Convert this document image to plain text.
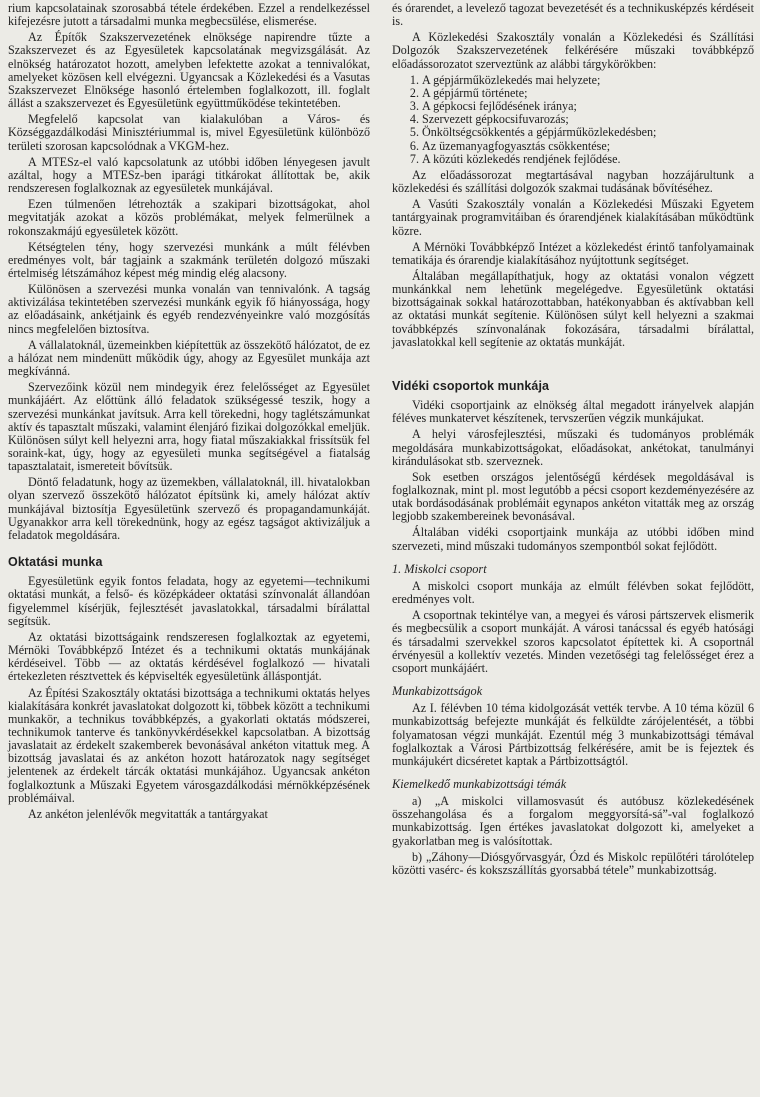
rium kapcsolatainak szorosabbá tétele érdekében. Ezzel a rendelkezéssel kifejezésre jutott a társadalmi munka megbecsülése, elismerése.

Az Építők Szakszervezetének elnöksége napirendre tűzte a Szakszervezet és az Egyesületek kapcsolatának megvizsgálását. Az elnökség határozatot hozott, amelyben lefektette azokat a tennivalókat, amelyeket közösen kell elvégezni. Ugyancsak a Közlekedési és a Vasutas Szakszervezet Elnöksége hasonló értelemben foglalkozott, ill. foglalt állást a szakszervezet és Egyesületünk együttműködése tekintetében.

Megfelelő kapcsolat van kialakulóban a Város- és Községgazdálkodási Minisztériummal is, mivel Egyesületünk különböző területi szorosan kapcsolódnak a VKGM-hez.

A MTESz-el való kapcsolatunk az utóbbi időben lényegesen javult azáltal, hogy a MTESz-ben iparági titkárokat állítottak be, akik rendszeresen foglalkoznak az egyesületek munkájával.

Ezen túlmenően létrehozták a szakipari bizottságokat, ahol megvitatják azokat a közös problémákat, melyek felmerülnek a rokonszakmájú egyesületek között.

Kétségtelen tény, hogy szervezési munkánk a múlt félévben eredményes volt, bár tagjaink a szakmánk területén dolgozó műszaki értelmiség létszámához képest még mindig elég alacsony.

Különösen a szervezési munka vonalán van tennivalónk. A tagság aktivizálása tekintetében szervezési munkánk egyik fő hiányossága, hogy az előadásaink, ankétjaink és egyéb rendezvényeinkre való mozgósítás nincs megfelelően biztosítva.

A vállalatoknál, üzemeinkben kiépítettük az összekötő hálózatot, de ez a hálózat nem mindenütt működik úgy, ahogy az Egyesület munkája azt megkívánná.

Szervezőink közül nem mindegyik érez felelősséget az Egyesület munkájáért. Az előttünk álló feladatok szükségessé teszik, hogy a szervezési munkánkat javítsuk. Arra kell törekedni, hogy taglétszámunkat aktív és tapasztalt műszaki, valamint élenjáró fizikai dolgozókkal emeljük. Különösen súlyt kell helyezni arra, hogy fiatal műszakiakkal frissítsük fel soraink-kat, úgy, hogy az egyesületi munka segítségével a fiatalság tapasztalatait, ismereteit bővítsük.

Döntő feladatunk, hogy az üzemekben, vállalatoknál, ill. hivatalokban olyan szervező összekötő hálózatot építsünk ki, amely hálózat aktív munkájával biztosítja Egyesületünk szervező és propagandamunkáját. Ugyanakkor arra kell törekednünk, hogy az egész tagságot aktivizáljuk a feladatok megoldására.

Oktatási munka

Egyesületünk egyik fontos feladata, hogy az egyetemi—technikumi oktatási munkát, a felső- és középkádeer oktatási színvonalát állandóan figyelemmel kísérjük, fejlesztését javaslatokkal, társadalmi bírálattal segítsük.

Az oktatási bizottságaink rendszeresen foglalkoztak az egyetemi, Mérnöki Továbbképző Intézet és a technikumi oktatás munkájának kérdéseivel. Több — az oktatás kérdésével foglalkozó — hivatali értekezleten résztvettek és képviselték egyesületünk álláspontját.

Az Építési Szakosztály oktatási bizottsága a technikumi oktatás helyes kialakítására konkrét javaslatokat dolgozott ki, többek között a technikumi munkakör, a technikus továbbképzés, a gyakorlati oktatás módszerei, technikumok tanterve és tankönyvkérdésekkel kapcsolatban. A bizottság javaslatait az érdekelt szakemberek bevonásával ankéton vitattuk meg. A bizottság javaslatai és az ankéton hozott határozatok nagy segítséget jelentenek az érdekelt tárcák oktatási munkájához. Ugyancsak ankéton foglalkoztunk a Műszaki Egyetem városgazdálkodási mérnökképzésének problémáival.

Az ankéton jelenlévők megvitatták a tantárgyakat

és órarendet, a levelező tagozat bevezetését és a technikusképzés kérdéseit is.

A Közlekedési Szakosztály vonalán a Közlekedési és Szállítási Dolgozók Szakszervezetének felkérésére műszaki továbbképző előadássorozatot szerveztünk az alábbi tárgykörökben:

1. A gépjárműközlekedés mai helyzete;
2. A gépjármű története;
3. A gépkocsi fejlődésének iránya;
4. Szervezett gépkocsifuvarozás;
5. Önköltségcsökkentés a gépjárműközlekedésben;
6. Az üzemanyagfogyasztás csökkentése;
7. A közúti közlekedés rendjének fejlődése.

Az előadássorozat megtartásával nagyban hozzájárultunk a közlekedési és szállítási dolgozók szakmai tudásának bővítéséhez.

A Vasúti Szakosztály vonalán a Közlekedési Műszaki Egyetem tantárgyainak programvitáiban és órarendjének kialakításában működtünk közre.

A Mérnöki Továbbképző Intézet a közlekedést érintő tanfolyamainak tematikája és órarendje kialakításához nyújtottunk segítséget.

Általában megállapíthatjuk, hogy az oktatási vonalon végzett munkánkkal nem lehetünk megelégedve. Egyesületünk oktatási bizottságainak sokkal határozottabban, hatékonyabban és aktívabban kell az oktatási munkát segítenie. Különösen súlyt kell helyezni a szakmai továbbképzés színvonalának fokozására, társadalmi bírálattal, javaslatokkal kell segítenie az oktatás munkáját.

Vidéki csoportok munkája

Vidéki csoportjaink az elnökség által megadott irányelvek alapján féléves munkatervet készítenek, tervszerűen végzik munkájukat.

A helyi városfejlesztési, műszaki és tudományos problémák megoldására munkabizottságokat, előadásokat, ankétokat, tanulmányi kirándulásokat stb. szerveznek.

Sok esetben országos jelentőségű kérdések megoldásával is foglalkoznak, mint pl. most legutóbb a pécsi csoport kezdeményezésére az utak bordásodásának problémáit egynapos ankéton vitatták meg az ország legjobb szakembereinek bevonásával.

Általában vidéki csoportjaink munkája az utóbbi időben mind szervezeti, mind műszaki tudományos szempontból sokat fejlődött.

1. Miskolci csoport

A miskolci csoport munkája az elmúlt félévben sokat fejlődött, eredményes volt.

A csoportnak tekintélye van, a megyei és városi pártszervek elismerik és megbecsülik a csoport munkáját. A városi tanácssal és egyéb hatósági és társadalmi szervekkel szoros kapcsolatot építettek ki. A csoportnál érvényesül a kollektív vezetés. Minden vezetőségi tag felelősséget érez a csoport munkájáért.

Munkabizottságok

Az I. félévben 10 téma kidolgozását vették tervbe. A 10 téma közül 6 munkabizottság befejezte munkáját és felküldte zárójelentését, a többi folyamatosan végzi munkáját. Ezentúl még 3 munkabizottsági témával foglalkoztak a Városi Pártbizottság felkérésére, amit be is fejeztek és munkájukért dicséretet kaptak a Pártbizottságtól.

Kiemelkedő munkabizottsági témák

a) „A miskolci villamosvasút és autóbusz közlekedésének összehangolása és a forgalom meggyorsítá-sá”-val foglalkozó munkabizottság. Igen értékes javaslatokat dolgozott ki, amelyeket a gyakorlatban meg is valósítottak.

b) „Záhony—Diósgyőrvasgyár, Ózd és Miskolc repülőtéri tárolótelep közötti vasérc- és kokszszállítás gyorsabbá tétele” munkabizottság.
